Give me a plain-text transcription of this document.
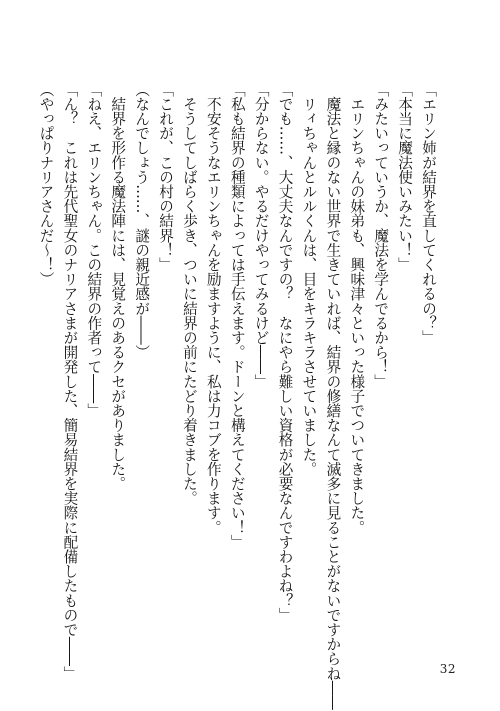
「エリン姉が結界を直してくれるの？」
「本当に魔法使いみたい！」
「みたいっていうか、魔法を学んでるから！」
　エリンちゃんの妹弟も、興味津々といった様子でついてきました。
　魔法と縁のない世界で生きていれば、結界の修繕なんて滅多に見ることがないですからね――
　リィちゃんとルルくんは、目をキラキラさせていました。
「でも……、大丈夫なんですの？　なにやら難しい資格が必要なんですわよね？」
「分からない。やるだけやってみるけど――」
「私も結界の種類によっては手伝えます。ドーンと構えてください！」
　不安そうなエリンちゃんを励ますように、私は力コブを作ります。
　そうしてしばらく歩き、ついに結界の前にたどり着きました。
「これが、この村の結界！」
（なんでしょう……、謎の親近感が――）
　結界を形作る魔法陣には、見覚えのあるクセがありました。
「ねえ、エリンちゃん。この結界の作者って――」
「ん？　これは先代聖女のナリアさまが開発した、簡易結界を実際に配備したもので――」
（やっぱりナリアさんだ～！）
32
